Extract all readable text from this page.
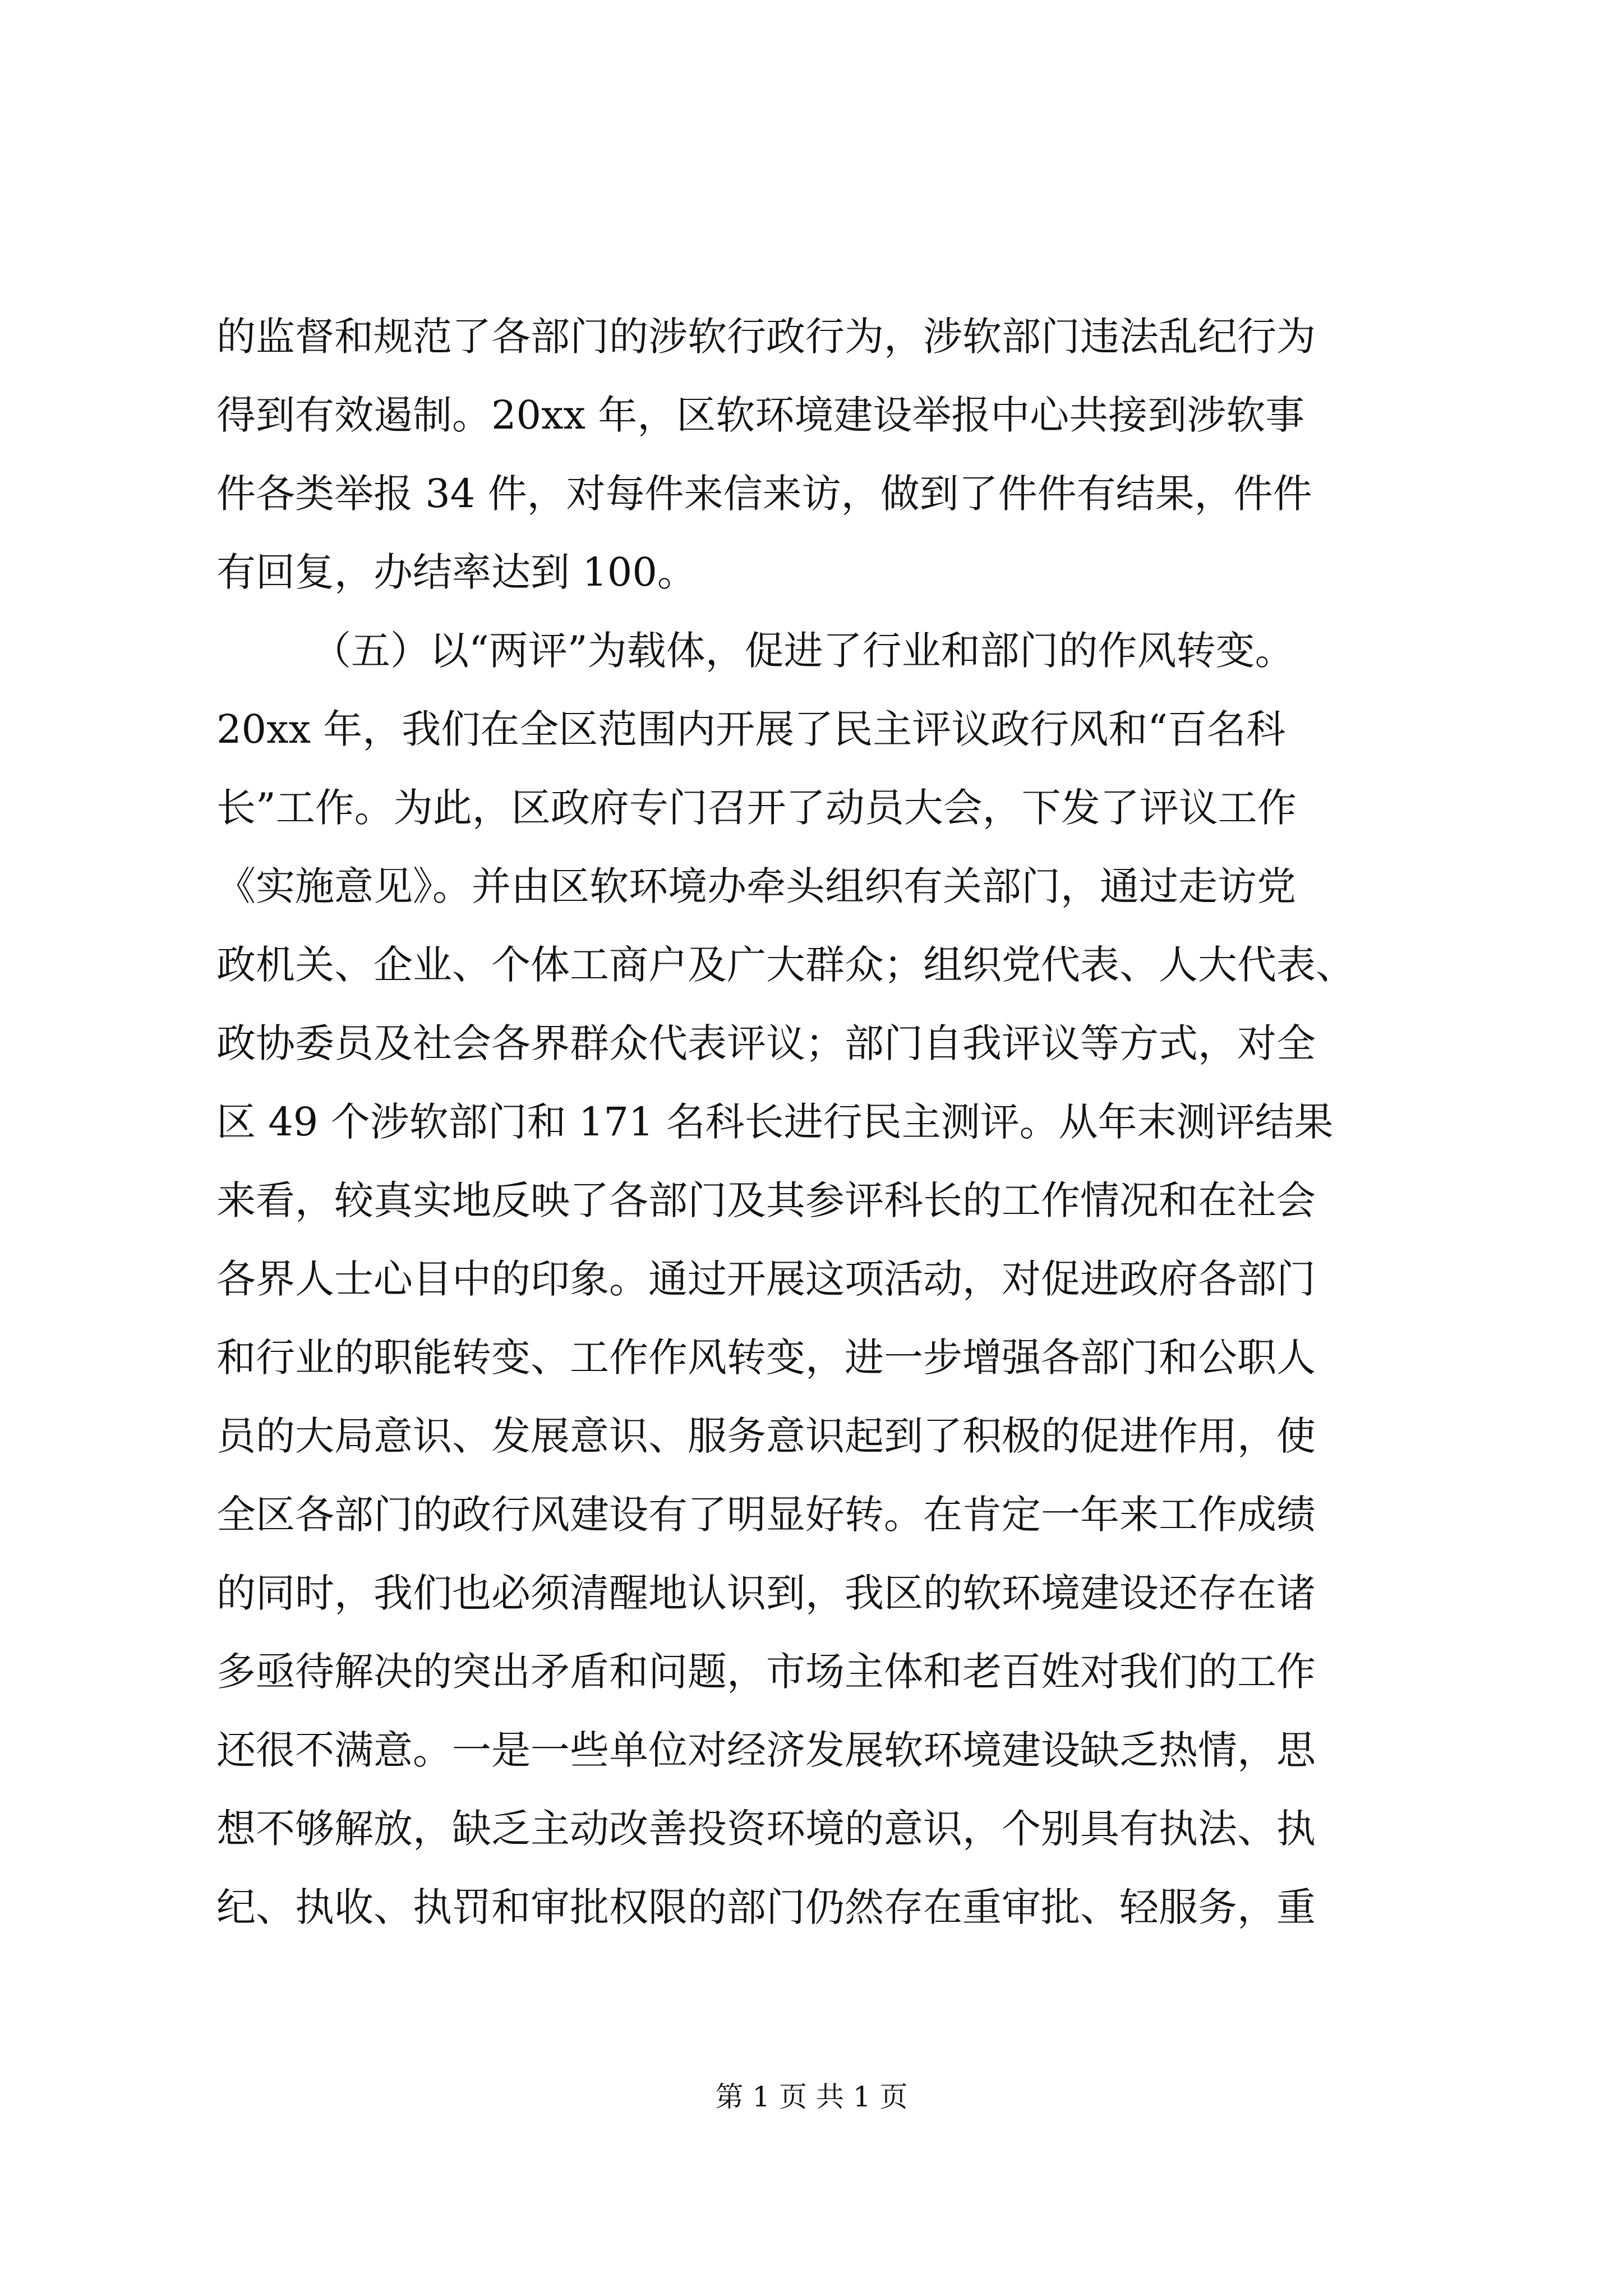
的监督和规范了各部门的涉软行政行为，涉软部门违法乱纪行为
得到有效遏制。20xx 年，区软环境建设举报中心共接到涉软事
件各类举报 34 件，对每件来信来访，做到了件件有结果，件件
有回复，办结率达到 100。
（五）以“两评”为载体，促进了行业和部门的作风转变。
20xx 年，我们在全区范围内开展了民主评议政行风和“百名科
长”工作。为此，区政府专门召开了动员大会，下发了评议工作
《实施意见》。并由区软环境办牵头组织有关部门，通过走访党
政机关、企业、个体工商户及广大群众；组织党代表、人大代表、
政协委员及社会各界群众代表评议；部门自我评议等方式，对全
区 49 个涉软部门和 171 名科长进行民主测评。从年末测评结果
来看，较真实地反映了各部门及其参评科长的工作情况和在社会
各界人士心目中的印象。通过开展这项活动，对促进政府各部门
和行业的职能转变、工作作风转变，进一步增强各部门和公职人
员的大局意识、发展意识、服务意识起到了积极的促进作用，使
全区各部门的政行风建设有了明显好转。在肯定一年来工作成绩
的同时，我们也必须清醒地认识到，我区的软环境建设还存在诸
多亟待解决的突出矛盾和问题，市场主体和老百姓对我们的工作
还很不满意。一是一些单位对经济发展软环境建设缺乏热情，思
想不够解放，缺乏主动改善投资环境的意识，个别具有执法、执
纪、执收、执罚和审批权限的部门仍然存在重审批、轻服务，重
第 1 页 共 1 页
